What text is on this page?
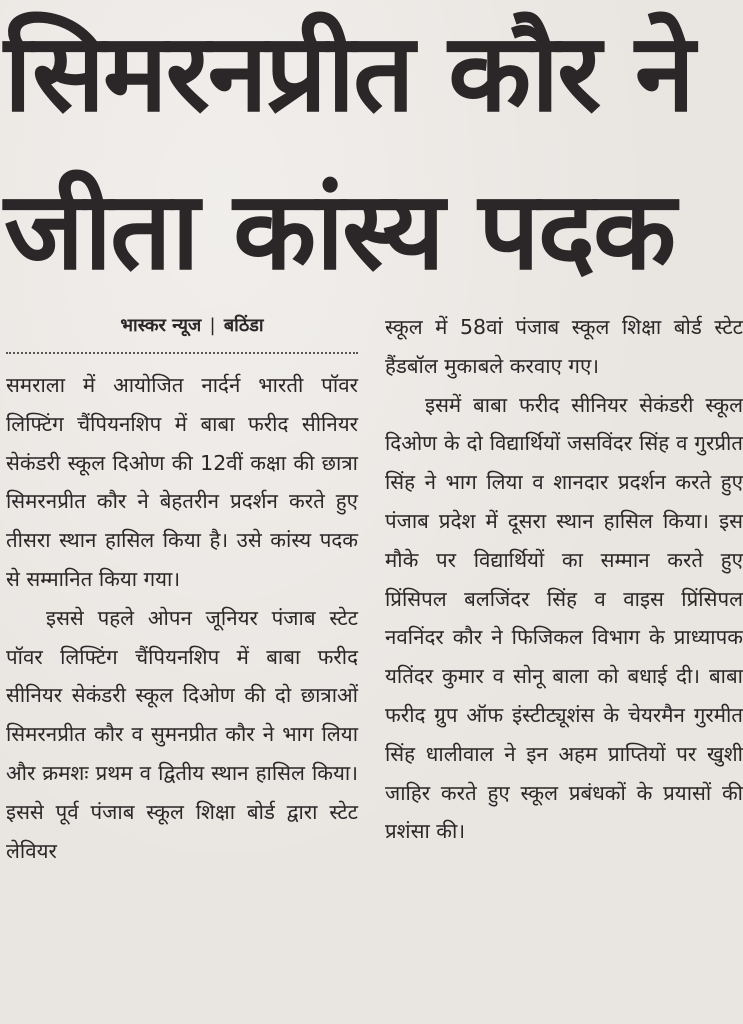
सिमरनप्रीत कौर ने
जीता कांस्य पदक
भास्कर न्यूज | बठिंडा

समराला में आयोजित नार्दर्न भारती पॉवर लिफ्टिंग चैंपियनशिप में बाबा फरीद सीनियर सेकंडरी स्कूल दिओण की 12वीं कक्षा की छात्रा सिमरनप्रीत कौर ने बेहतरीन प्रदर्शन करते हुए तीसरा स्थान हासिल किया है। उसे कांस्य पदक से सम्मानित किया गया।

इससे पहले ओपन जूनियर पंजाब स्टेट पॉवर लिफ्टिंग चैंपियनशिप में बाबा फरीद सीनियर सेकंडरी स्कूल दिओण की दो छात्राओं सिमरनप्रीत कौर व सुमनप्रीत कौर ने भाग लिया और क्रमशः प्रथम व द्वितीय स्थान हासिल किया। इससे पूर्व पंजाब स्कूल शिक्षा बोर्ड द्वारा स्टेट लेवियर

स्कूल में 58वां पंजाब स्कूल शिक्षा बोर्ड स्टेट हैंडबॉल मुकाबले करवाए गए।

इसमें बाबा फरीद सीनियर सेकंडरी स्कूल दिओण के दो विद्यार्थियों जसविंदर सिंह व गुरप्रीत सिंह ने भाग लिया व शानदार प्रदर्शन करते हुए पंजाब प्रदेश में दूसरा स्थान हासिल किया। इस मौके पर विद्यार्थियों का सम्मान करते हुए प्रिंसिपल बलजिंदर सिंह व वाइस प्रिंसिपल नवनिंदर कौर ने फिजिकल विभाग के प्राध्यापक यतिंदर कुमार व सोनू बाला को बधाई दी। बाबा फरीद ग्रुप ऑफ इंस्टीट्यूशंस के चेयरमैन गुरमीत सिंह धालीवाल ने इन अहम प्राप्तियों पर खुशी जाहिर करते हुए स्कूल प्रबंधकों के प्रयासों की प्रशंसा की।
